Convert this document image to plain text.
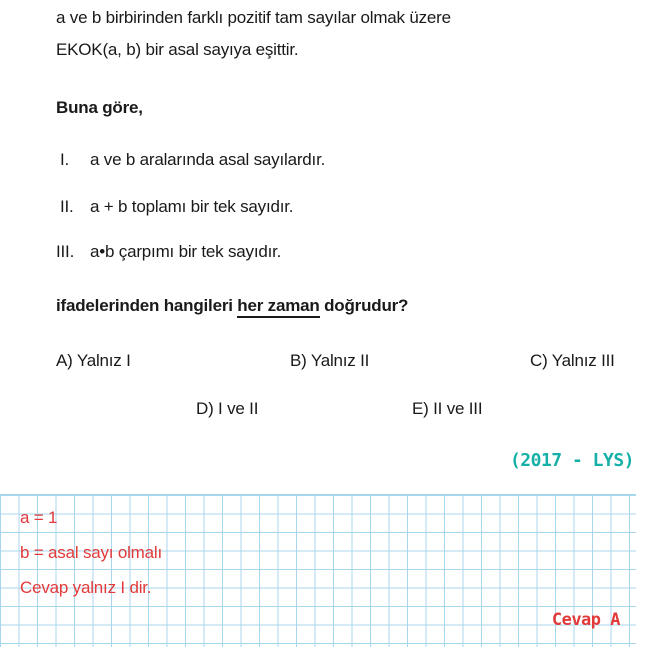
a ve b birbirinden farklı pozitif tam sayılar olmak üzere
EKOK(a, b) bir asal sayıya eşittir.
Buna göre,
I. a ve b aralarında asal sayılardır.
II. a + b toplamı bir tek sayıdır.
III. a•b çarpımı bir tek sayıdır.
ifadelerinden hangileri her zaman doğrudur?
A) Yalnız I	B) Yalnız II	C) Yalnız III
D) I ve II	E) II ve III
(2017 - LYS)
a = 1
b = asal sayı olmalı
Cevap yalnız I dir.
Cevap A
